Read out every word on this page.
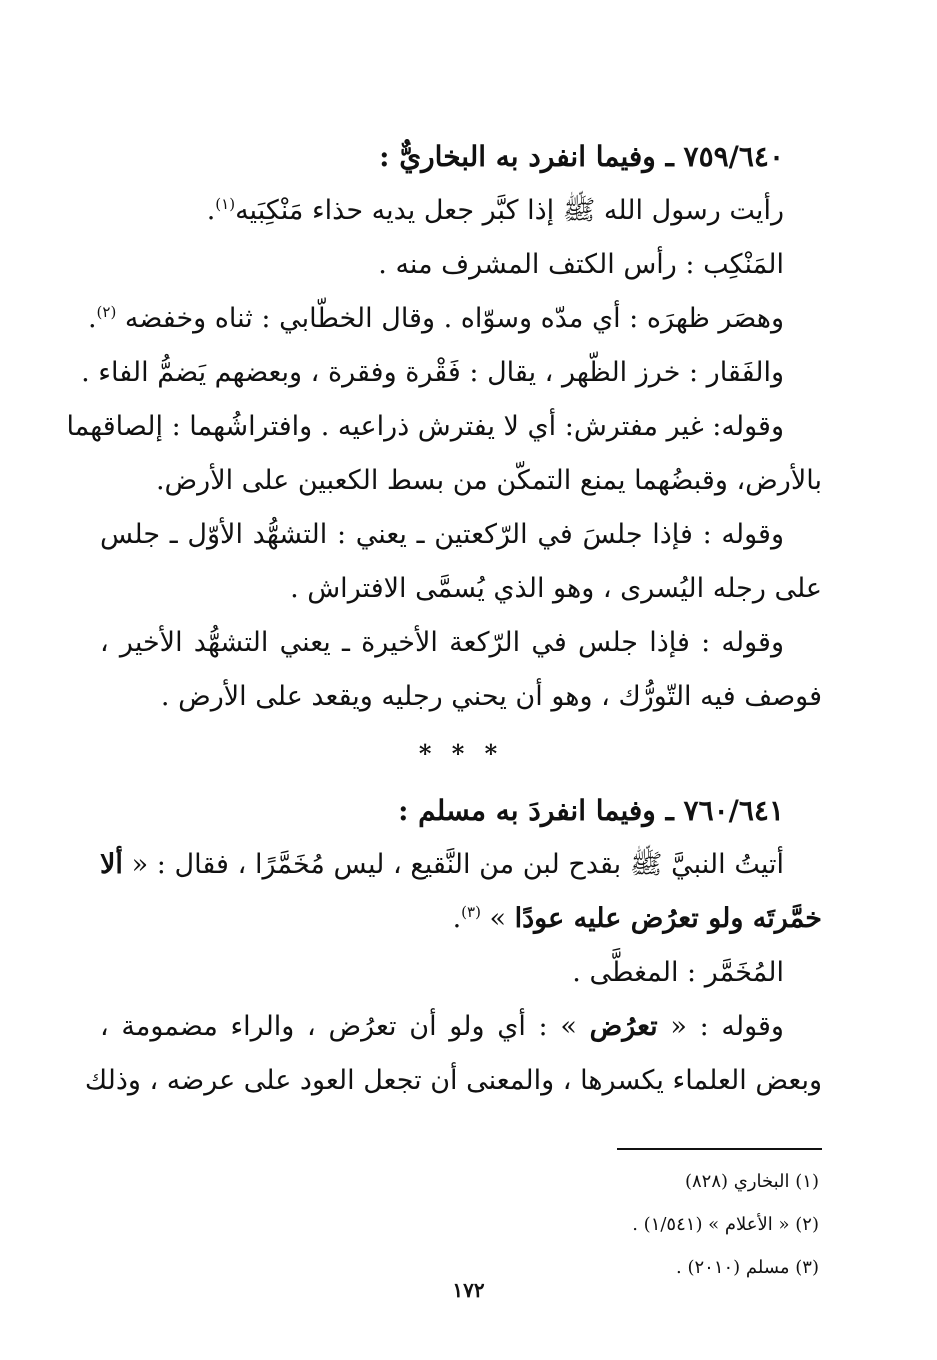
٧٥٩/٦٤٠ ـ وفيما انفرد به البخاريٌّ :
رأيت رسول الله ﷺ إذا كبَّر جعل يديه حذاء مَنْكِبَيه$^{(١)}$.
المَنْكِب : رأس الكتف المشرف منه .
وهصَر ظهرَه : أي مدّه وسوّاه . وقال الخطّابي : ثناه وخفضه $^{(٢)}$.
والفَقار : خرز الظّهر ، يقال : فَقْرة وفقرة ، وبعضهم يَضمُّ الفاء .
وقوله: غير مفترش: أي لا يفترش ذراعيه . وافتراشُهما : إلصاقهما
بالأرض، وقبضُهما يمنع التمكّن من بسط الكعبين على الأرض.
وقوله : فإذا جلسَ في الرّكعتين ـ يعني : التشهُّد الأوّل ـ جلس
على رجله اليُسرى ، وهو الذي يُسمَّى الافتراش .
وقوله : فإذا جلس في الرّكعة الأخيرة ـ يعني التشهُّد الأخير ،
فوصف فيه التّورُّك ، وهو أن يحني رجليه ويقعد على الأرض .
* * *
٧٦٠/٦٤١ ـ وفيما انفردَ به مسلم :
أتيتُ النبيَّ ﷺ بقدح لبن من النَّقيع ، ليس مُخَمَّرًا ، فقال : « ألا
خمَّرتَه ولو تعرُض عليه عودًا » $^{(٣)}$.
المُخَمَّر : المغطَّى .
وقوله : « تعرُض » : أي ولو أن تعرُض ، والراء مضمومة ،
وبعض العلماء يكسرها ، والمعنى أن تجعل العود على عرضه ، وذلك
(١) البخاري (٨٢٨)
(٢) « الأعلام » (١/٥٤١) .
(٣) مسلم (٢٠١٠) .
١٧٢
